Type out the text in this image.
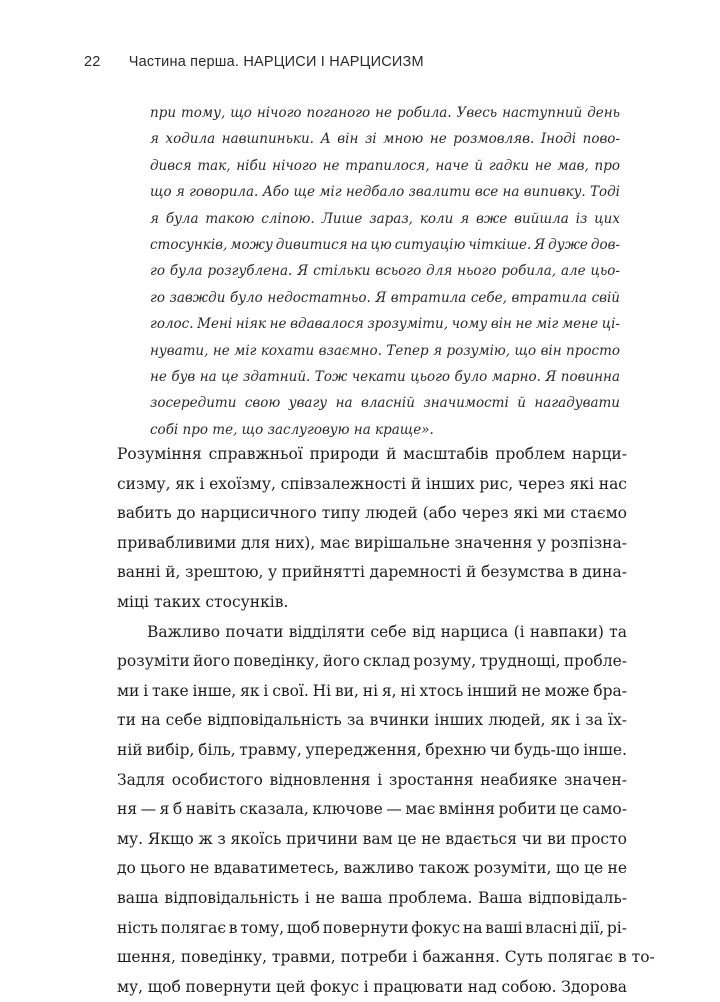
22 Частина перша. НАРЦИСИ І НАРЦИСИЗМ
при тому, що нічого поганого не робила. Увесь наступний день
я ходила навшпиньки. А він зі мною не розмовляв. Іноді пово-
дився так, ніби нічого не трапилося, наче й гадки не мав, про
що я говорила. Або ще міг недбало звалити все на випивку. Тоді
я була такою сліпою. Лише зараз, коли я вже вийшла із цих
стосунків, можу дивитися на цю ситуацію чіткіше. Я дуже дов-
го була розгублена. Я стільки всього для нього робила, але цьо-
го завжди було недостатньо. Я втратила себе, втратила свій
голос. Мені ніяк не вдавалося зрозуміти, чому він не міг мене ці-
нувати, не міг кохати взаємно. Тепер я розумію, що він просто
не був на це здатний. Тож чекати цього було марно. Я повинна
зосередити свою увагу на власній значимості й нагадувати
собі про те, що заслуговую на краще».
Розуміння справжньої природи й масштабів проблем нарци-
сизму, як і ехоїзму, співзалежності й інших рис, через які нас
вабить до нарцисичного типу людей (або через які ми стаємо
привабливими для них), має вирішальне значення у розпізна-
ванні й, зрештою, у прийнятті даремності й безумства в дина-
міці таких стосунків.
Важливо почати відділяти себе від нарциса (і навпаки) та
розуміти його поведінку, його склад розуму, труднощі, пробле-
ми і таке інше, як і свої. Ні ви, ні я, ні хтось інший не може бра-
ти на себе відповідальність за вчинки інших людей, як і за їх-
ній вибір, біль, травму, упередження, брехню чи будь-що інше.
Задля особистого відновлення і зростання неабияке значен-
ня — я б навіть сказала, ключове — має вміння робити це само-
му. Якщо ж з якоїсь причини вам це не вдається чи ви просто
до цього не вдаватиметесь, важливо також розуміти, що це не
ваша відповідальність і не ваша проблема. Ваша відповідаль-
ність полягає в тому, щоб повернути фокус на ваші власні дії, рі-
шення, поведінку, травми, потреби і бажання. Суть полягає в то-
му, щоб повернути цей фокус і працювати над собою. Здорова
